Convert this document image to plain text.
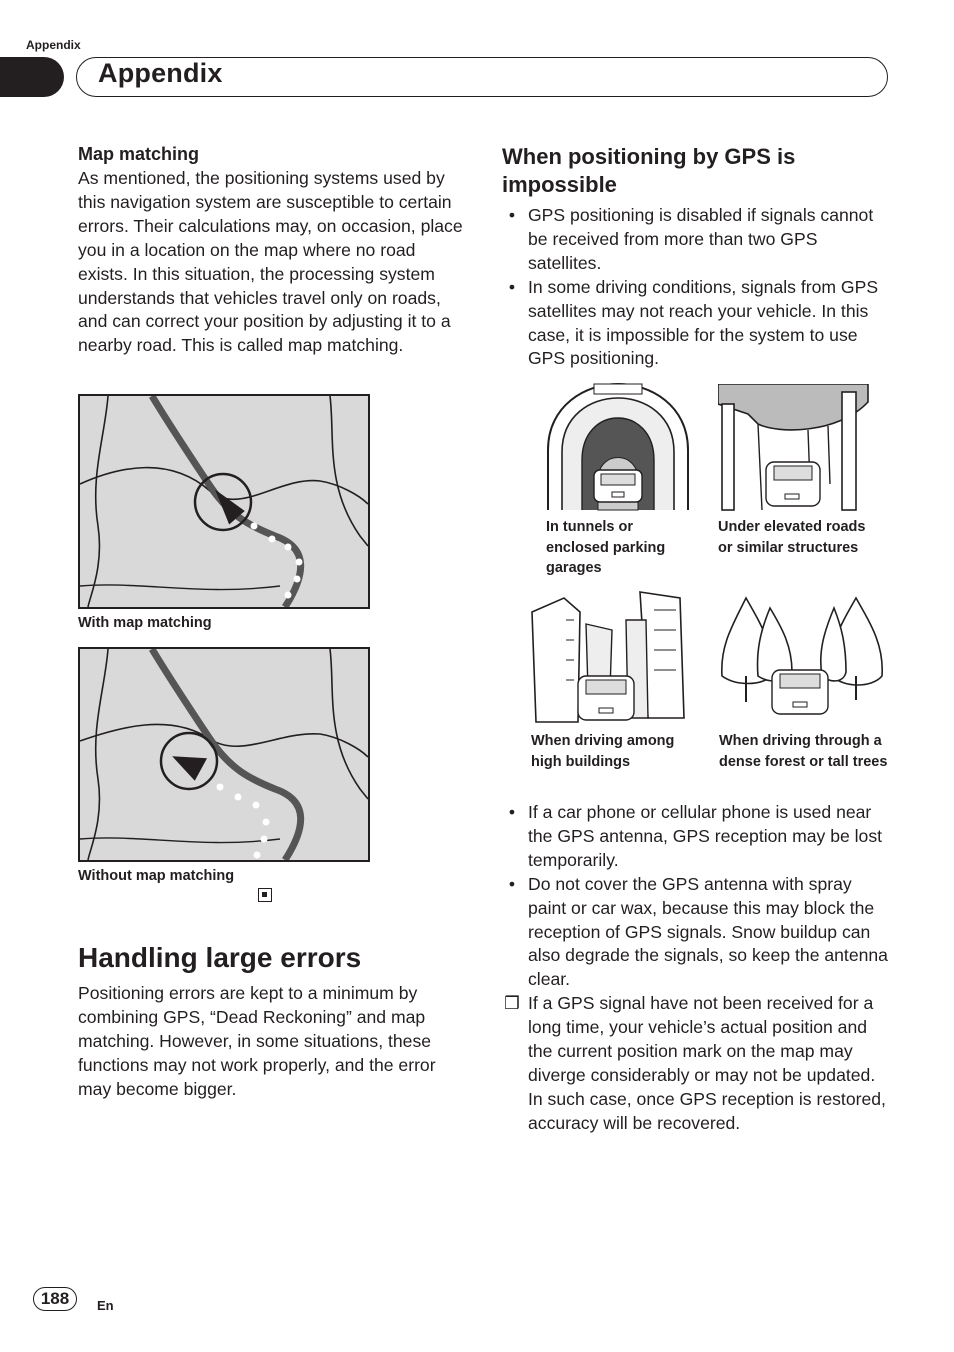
Appendix
Appendix
Map matching
As mentioned, the positioning systems used by this navigation system are susceptible to certain errors. Their calculations may, on occasion, place you in a location on the map where no road exists. In this situation, the processing system understands that vehicles travel only on roads, and can correct your position by adjusting it to a nearby road. This is called map matching.
With map matching
Without map matching
Handling large errors
Positioning errors are kept to a minimum by combining GPS, “Dead Reckoning” and map matching. However, in some situations, these functions may not work properly, and the error may become bigger.
When positioning by GPS is impossible
• GPS positioning is disabled if signals cannot be received from more than two GPS satellites.
• In some driving conditions, signals from GPS satellites may not reach your vehicle. In this case, it is impossible for the system to use GPS positioning.
In tunnels or enclosed parking garages
Under elevated roads or similar structures
When driving among high buildings
When driving through a dense forest or tall trees
• If a car phone or cellular phone is used near the GPS antenna, GPS reception may be lost temporarily.
• Do not cover the GPS antenna with spray paint or car wax, because this may block the reception of GPS signals. Snow buildup can also degrade the signals, so keep the antenna clear.
❒ If a GPS signal have not been received for a long time, your vehicle’s actual position and the current position mark on the map may diverge considerably or may not be updated. In such case, once GPS reception is restored, accuracy will be recovered.
188	En
